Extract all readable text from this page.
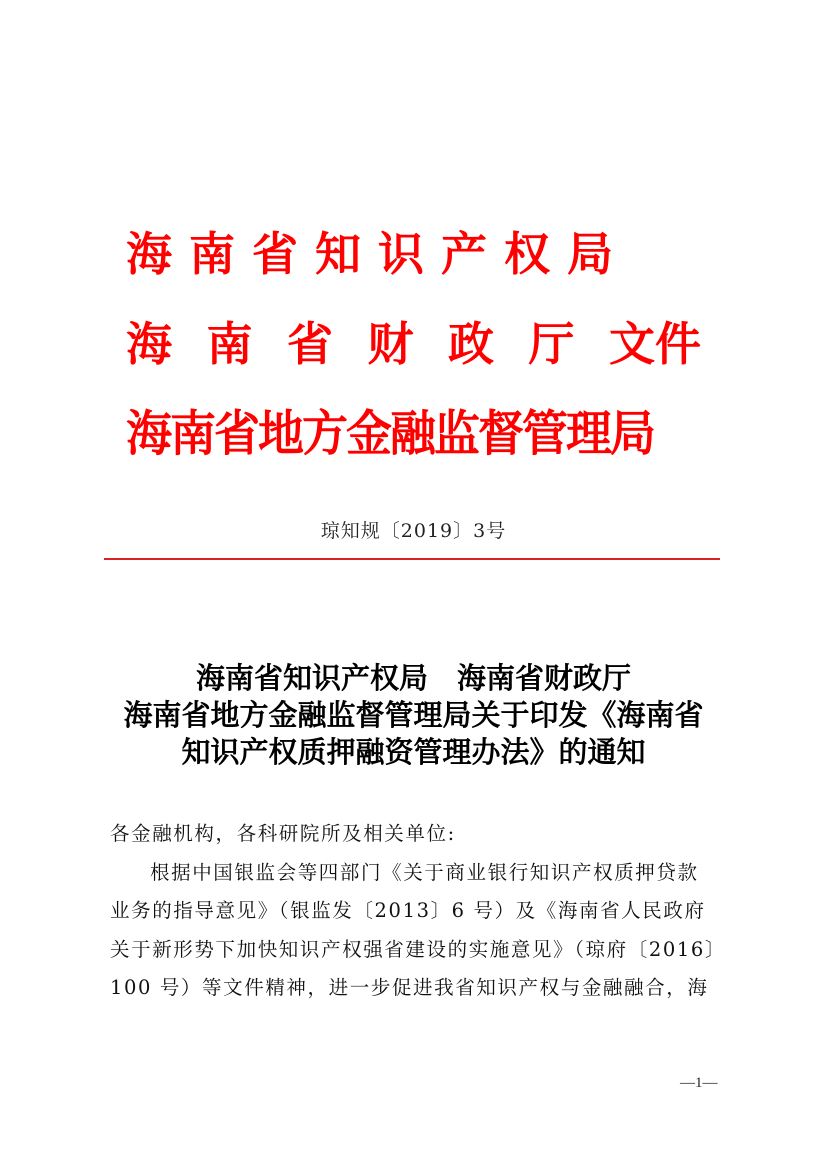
海南省知识产权局
海 南 省 财 政 厅 文件
海南省地方金融监督管理局
琼知规〔2019〕3号
海南省知识产权局　海南省财政厅
海南省地方金融监督管理局关于印发《海南省
知识产权质押融资管理办法》的通知

各金融机构，各科研院所及相关单位:

根据中国银监会等四部门《关于商业银行知识产权质押贷款

业务的指导意见》（银监发〔2013〕6 号）及《海南省人民政府

关于新形势下加快知识产权强省建设的实施意见》（琼府〔2016〕

100 号）等文件精神，进一步促进我省知识产权与金融融合，海

—1—
